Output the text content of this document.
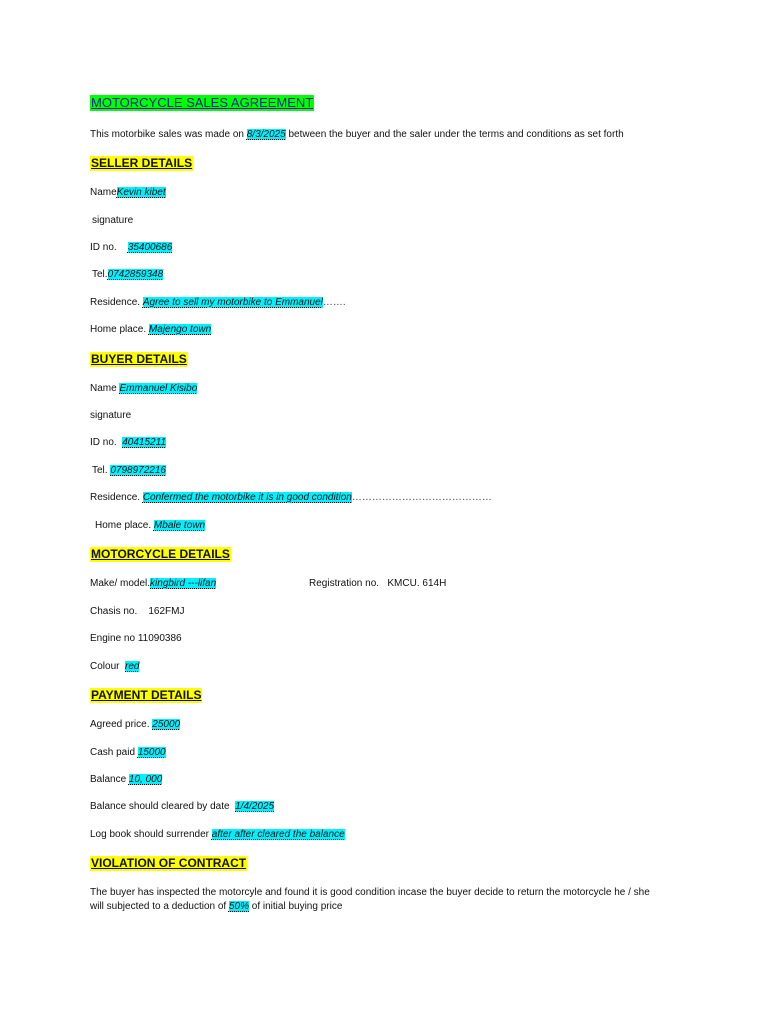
MOTORCYCLE SALES AGREEMENT
This motorbike sales was made on 8/3/2025 between the buyer and the saler under the terms and conditions as set forth
SELLER DETAILS
NameKevin kibet
signature
ID no. 35400686
Tel.0742859348
Residence. Agree to sell my motorbike to Emmanuel…….
Home place. Majengo town
BUYER DETAILS
Name Emmanuel Kisibo
signature
ID no. 40415211
Tel. 0798972216
Residence. Confermed the motorbike it is in good condition……………………………………
Home place. Mbale town
MOTORCYCLE DETAILS
Make/ model.kingbird ---lifan	Registration no. KMCU. 614H
Chasis no. 162FMJ
Engine no 11090386
Colour red
PAYMENT DETAILS
Agreed price. 25000
Cash paid 15000
Balance 10, 000
Balance should cleared by date 1/4/2025
Log book should surrender after after cleared the balance
VIOLATION OF CONTRACT
The buyer has inspected the motorcyle and found it is good condition incase the buyer decide to return the motorcycle he / she will subjected to a deduction of 50% of initial buying price
